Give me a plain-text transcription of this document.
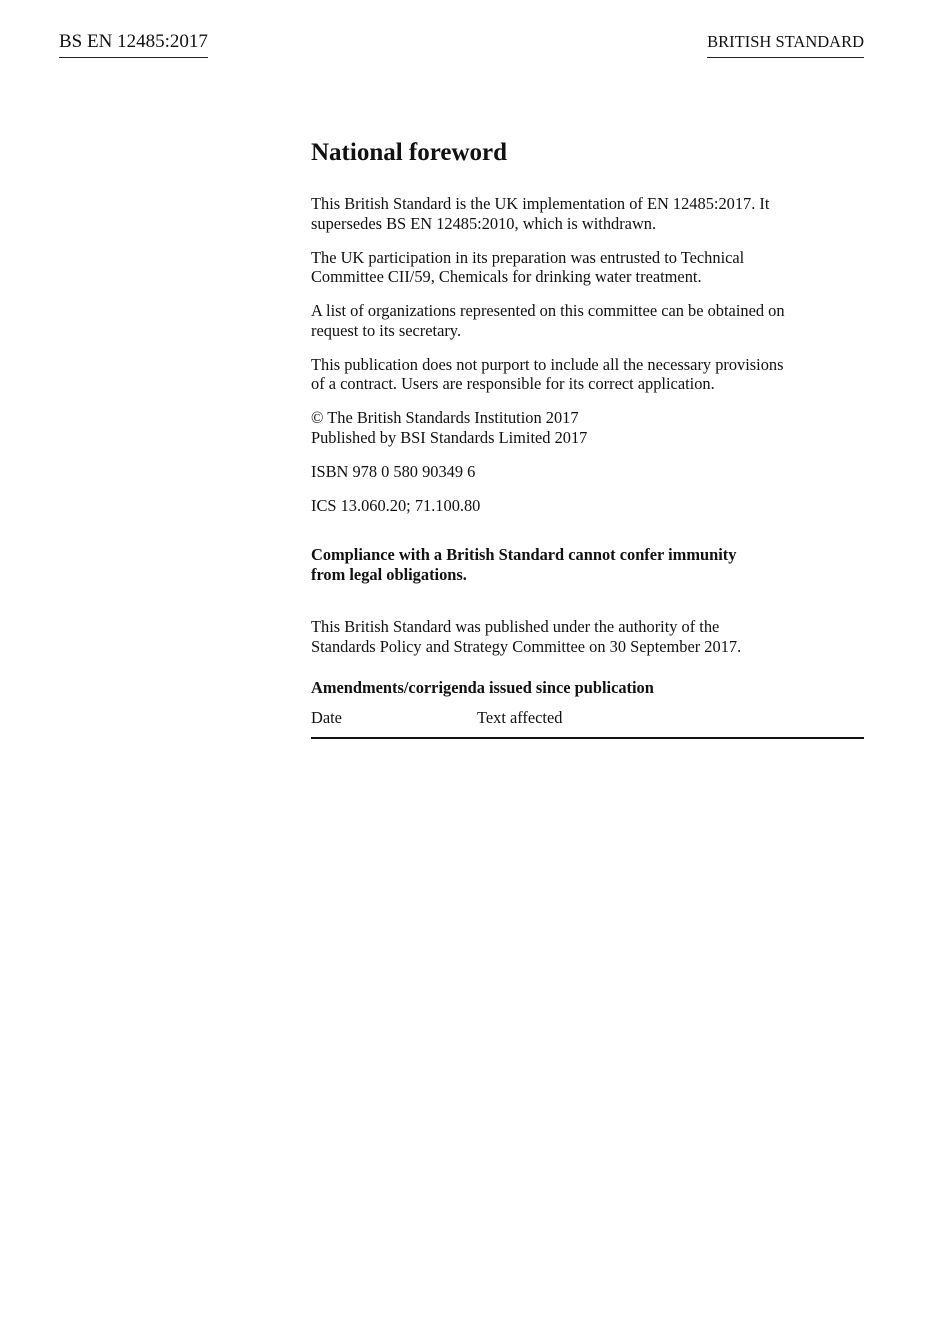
BS EN 12485:2017	BRITISH STANDARD
National foreword

This British Standard is the UK implementation of EN 12485:2017. It
supersedes BS EN 12485:2010, which is withdrawn.

The UK participation in its preparation was entrusted to Technical
Committee CII/59, Chemicals for drinking water treatment.

A list of organizations represented on this committee can be obtained on
request to its secretary.

This publication does not purport to include all the necessary provisions
of a contract. Users are responsible for its correct application.

© The British Standards Institution 2017
Published by BSI Standards Limited 2017

ISBN 978 0 580 90349 6

ICS 13.060.20; 71.100.80

Compliance with a British Standard cannot confer immunity
from legal obligations.

This British Standard was published under the authority of the
Standards Policy and Strategy Committee on 30 September 2017.

Amendments/corrigenda issued since publication

Date	Text affected
